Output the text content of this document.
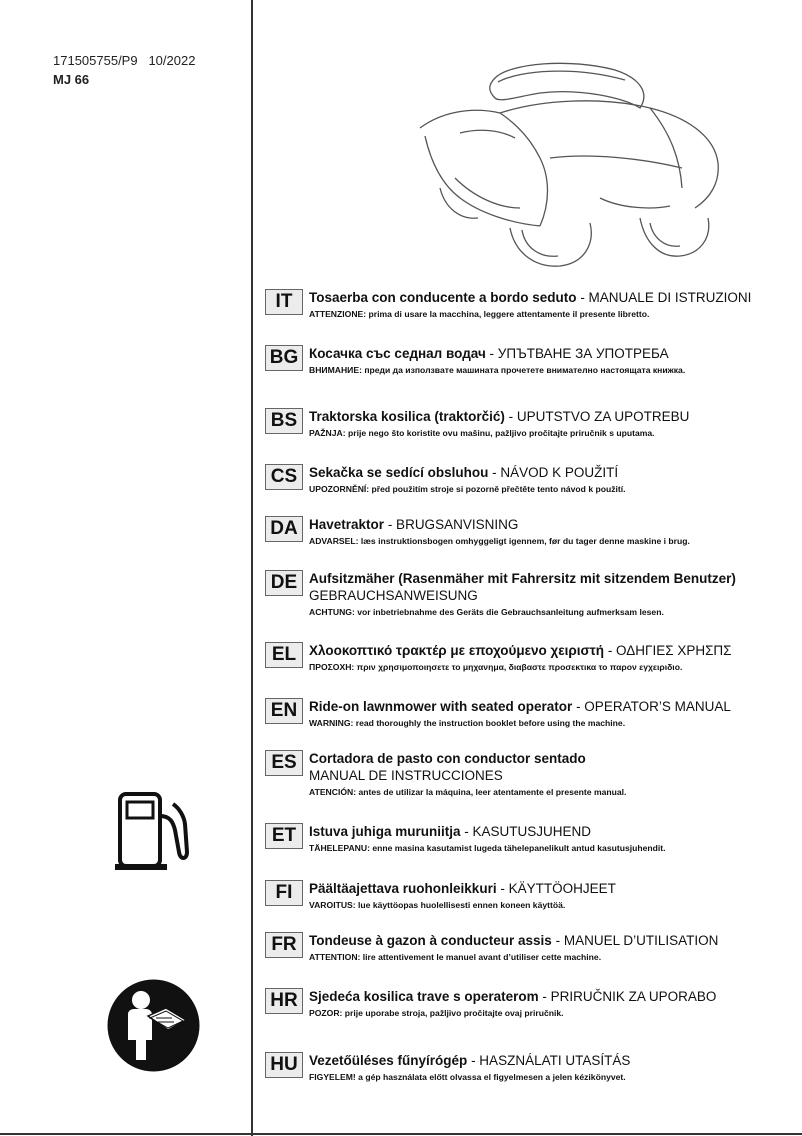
171505755/P9 10/2022
MJ 66
IT	Tosaerba con conducente a bordo seduto - MANUALE DI ISTRUZIONI
ATTENZIONE: prima di usare la macchina, leggere attentamente il presente libretto.
BG Косачка със седнал водач - УПЪТВАНЕ ЗА УПОТРЕБА
ВНИМАНИЕ: преди да използвате машината прочетете внимателно настоящата книжка.
BS Traktorska kosilica (traktorčić) - UPUTSTVO ZA UPOTREBU
PAŽNJA: prije nego što koristite ovu mašinu, pažljivo pročitajte priručnik s uputama.
CS Sekačka se sedící obsluhou - NÁVOD K POUŽITÍ
UPOZORNĚNÍ: před použitím stroje si pozorně přečtěte tento návod k použití.
DA Havetraktor - BRUGSANVISNING
ADVARSEL: læs instruktionsbogen omhyggeligt igennem, før du tager denne maskine i brug.
DE Aufsitzmäher (Rasenmäher mit Fahrersitz mit sitzendem Benutzer)
GEBRAUCHSANWEISUNG
ACHTUNG: vor inbetriebnahme des Geräts die Gebrauchsanleitung aufmerksam lesen.
EL Χλοοκοπτικό τρακτέρ με εποχούμενο χειριστή - ΟΔΗΓΙΕΣ ΧΡΗΣΠΣ
ΠΡΟΣΟΧΗ: πριν χρησιμοποιησετε το μηχανημα, διαβαστε προσεκτικα το παρον εγχειριδιο.
EN Ride-on lawnmower with seated operator - OPERATOR’S MANUAL
WARNING: read thoroughly the instruction booklet before using the machine.
ES Cortadora de pasto con conductor sentado
MANUAL DE INSTRUCCIONES
ATENCIÓN: antes de utilizar la máquina, leer atentamente el presente manual.
ET Istuva juhiga muruniitja - KASUTUSJUHEND
TÄHELEPANU: enne masina kasutamist lugeda tähelepanelikult antud kasutusjuhendit.
FI	Päältäajettava ruohonleikkuri - KÄYTTÖOHJEET
VAROITUS: lue käyttöopas huolellisesti ennen koneen käyttöä.
FR Tondeuse à gazon à conducteur assis - MANUEL D’UTILISATION
ATTENTION: lire attentivement le manuel avant d’utiliser cette machine.
HR Sjedeća kosilica trave s operaterom - PRIRUČNIK ZA UPORABO
POZOR: prije uporabe stroja, pažljivo pročitajte ovaj priručnik.
HU Vezetőüléses fűnyírógép - HASZNÁLATI UTASÍTÁS
FIGYELEM! a gép használata előtt olvassa el figyelmesen a jelen kézikönyvet.
